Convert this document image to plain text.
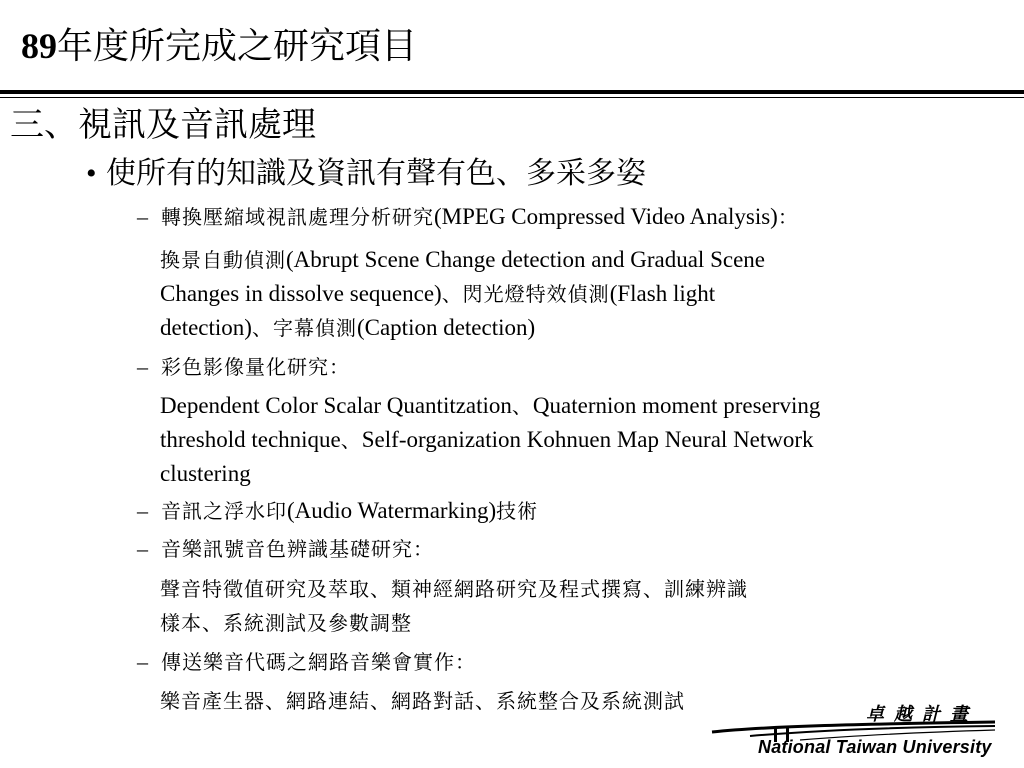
89年度所完成之研究項目
三、視訊及音訊處理
• 使所有的知識及資訊有聲有色、多采多姿
– 轉換壓縮域視訊處理分析研究(MPEG Compressed Video Analysis)：
換景自動偵測(Abrupt Scene Change detection and Gradual Scene
Changes in dissolve sequence)、閃光燈特效偵測(Flash light
detection)、字幕偵測(Caption detection)
– 彩色影像量化研究：
Dependent Color Scalar Quantitzation、Quaternion moment preserving
threshold technique、Self-organization Kohnuen Map Neural Network
clustering
– 音訊之浮水印(Audio Watermarking)技術
– 音樂訊號音色辨識基礎研究：
聲音特徵值研究及萃取、類神經網路研究及程式撰寫、訓練辨識
樣本、系統測試及參數調整
– 傳送樂音代碼之網路音樂會實作：
樂音產生器、網路連結、網路對話、系統整合及系統測試
卓越計畫
National Taiwan University
